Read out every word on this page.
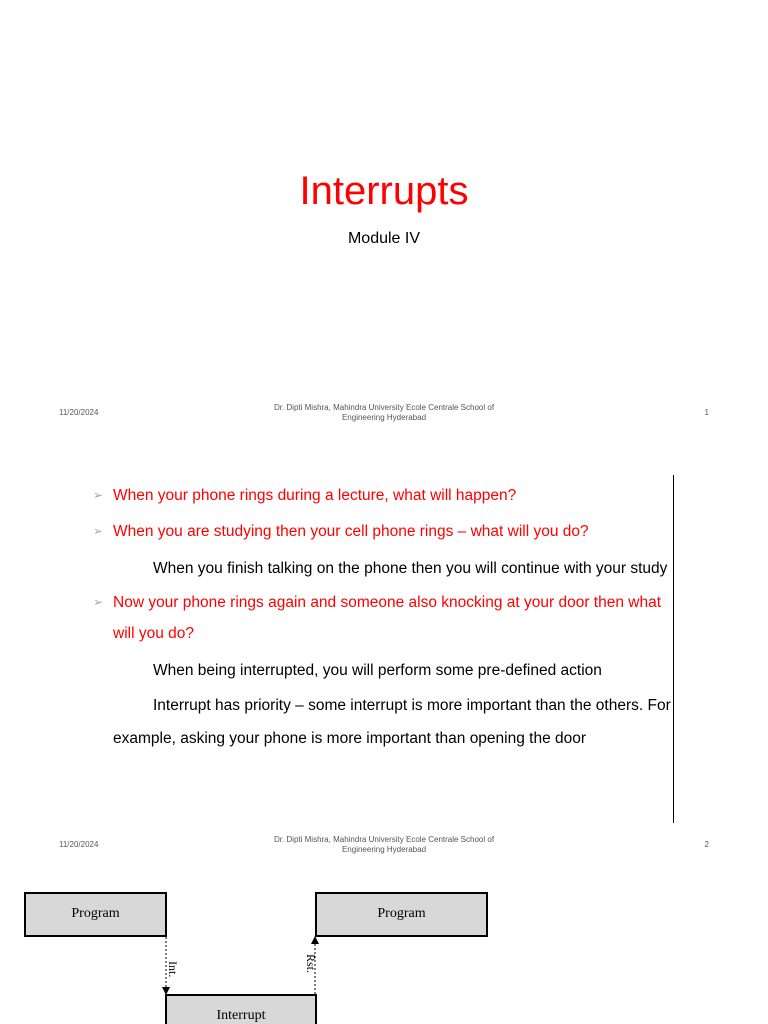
Interrupts
Module IV
11/20/2024
Dr. Dipti Mishra, Mahindra University Ecole Centrale School of
Engineering Hyderabad
1
➢ When your phone rings during a lecture, what will happen?
➢ When you are studying then your cell phone rings – what will you do?
When you finish talking on the phone then you will continue with your study
➢ Now your phone rings again and someone also knocking at your door then what will you do?
When being interrupted, you will perform some pre-defined action
Interrupt has priority – some interrupt is more important than the others. For example, asking your phone is more important than opening the door
11/20/2024
Dr. Dipti Mishra, Mahindra University Ecole Centrale School of
Engineering Hyderabad
2
Program	Program
Interrupt
Int.	Rst.
